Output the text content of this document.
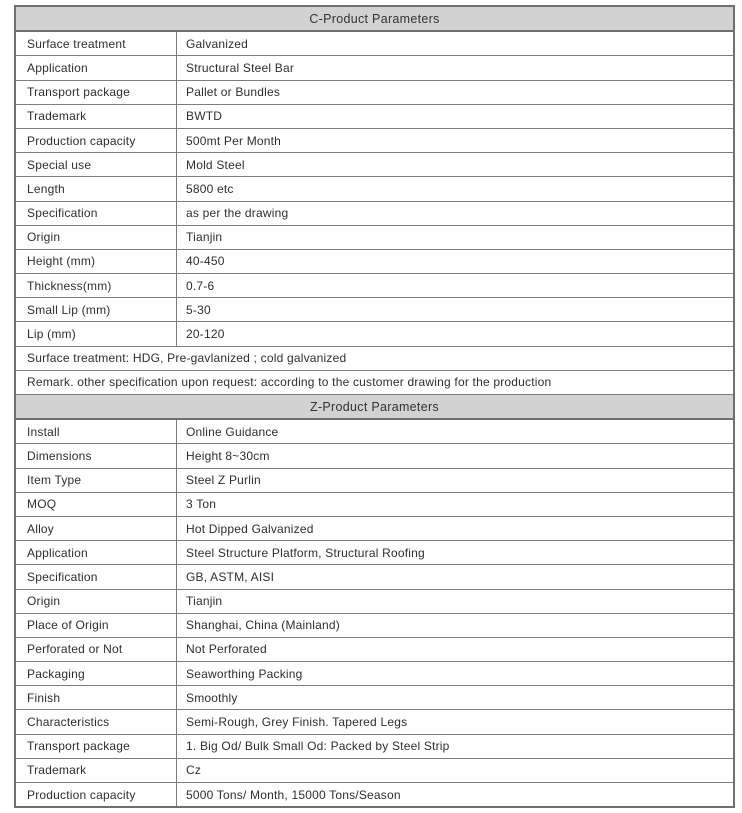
C-Product Parameters
Surface treatment	Galvanized
Application	Structural Steel Bar
Transport package	Pallet or Bundles
Trademark	BWTD
Production capacity	500mt Per Month
Special use	Mold Steel
Length	5800 etc
Specification	as per the drawing
Origin	Tianjin
Height (mm)	40-450
Thickness(mm)	0.7-6
Small Lip (mm)	5-30
Lip (mm)	20-120
Surface treatment: HDG, Pre-gavlanized ; cold galvanized
Remark. other specification upon request: according to the customer drawing for the production
Z-Product Parameters
Install	Online Guidance
Dimensions	Height 8~30cm
Item Type	Steel Z Purlin
MOQ	3 Ton
Alloy	Hot Dipped Galvanized
Application	Steel Structure Platform, Structural Roofing
Specification	GB, ASTM, AISI
Origin	Tianjin
Place of Origin	Shanghai, China (Mainland)
Perforated or Not	Not Perforated
Packaging	Seaworthing Packing
Finish	Smoothly
Characteristics	Semi-Rough, Grey Finish. Tapered Legs
Transport package	1. Big Od/ Bulk Small Od: Packed by Steel Strip
Trademark	Cz
Production capacity	5000 Tons/ Month, 15000 Tons/Season
